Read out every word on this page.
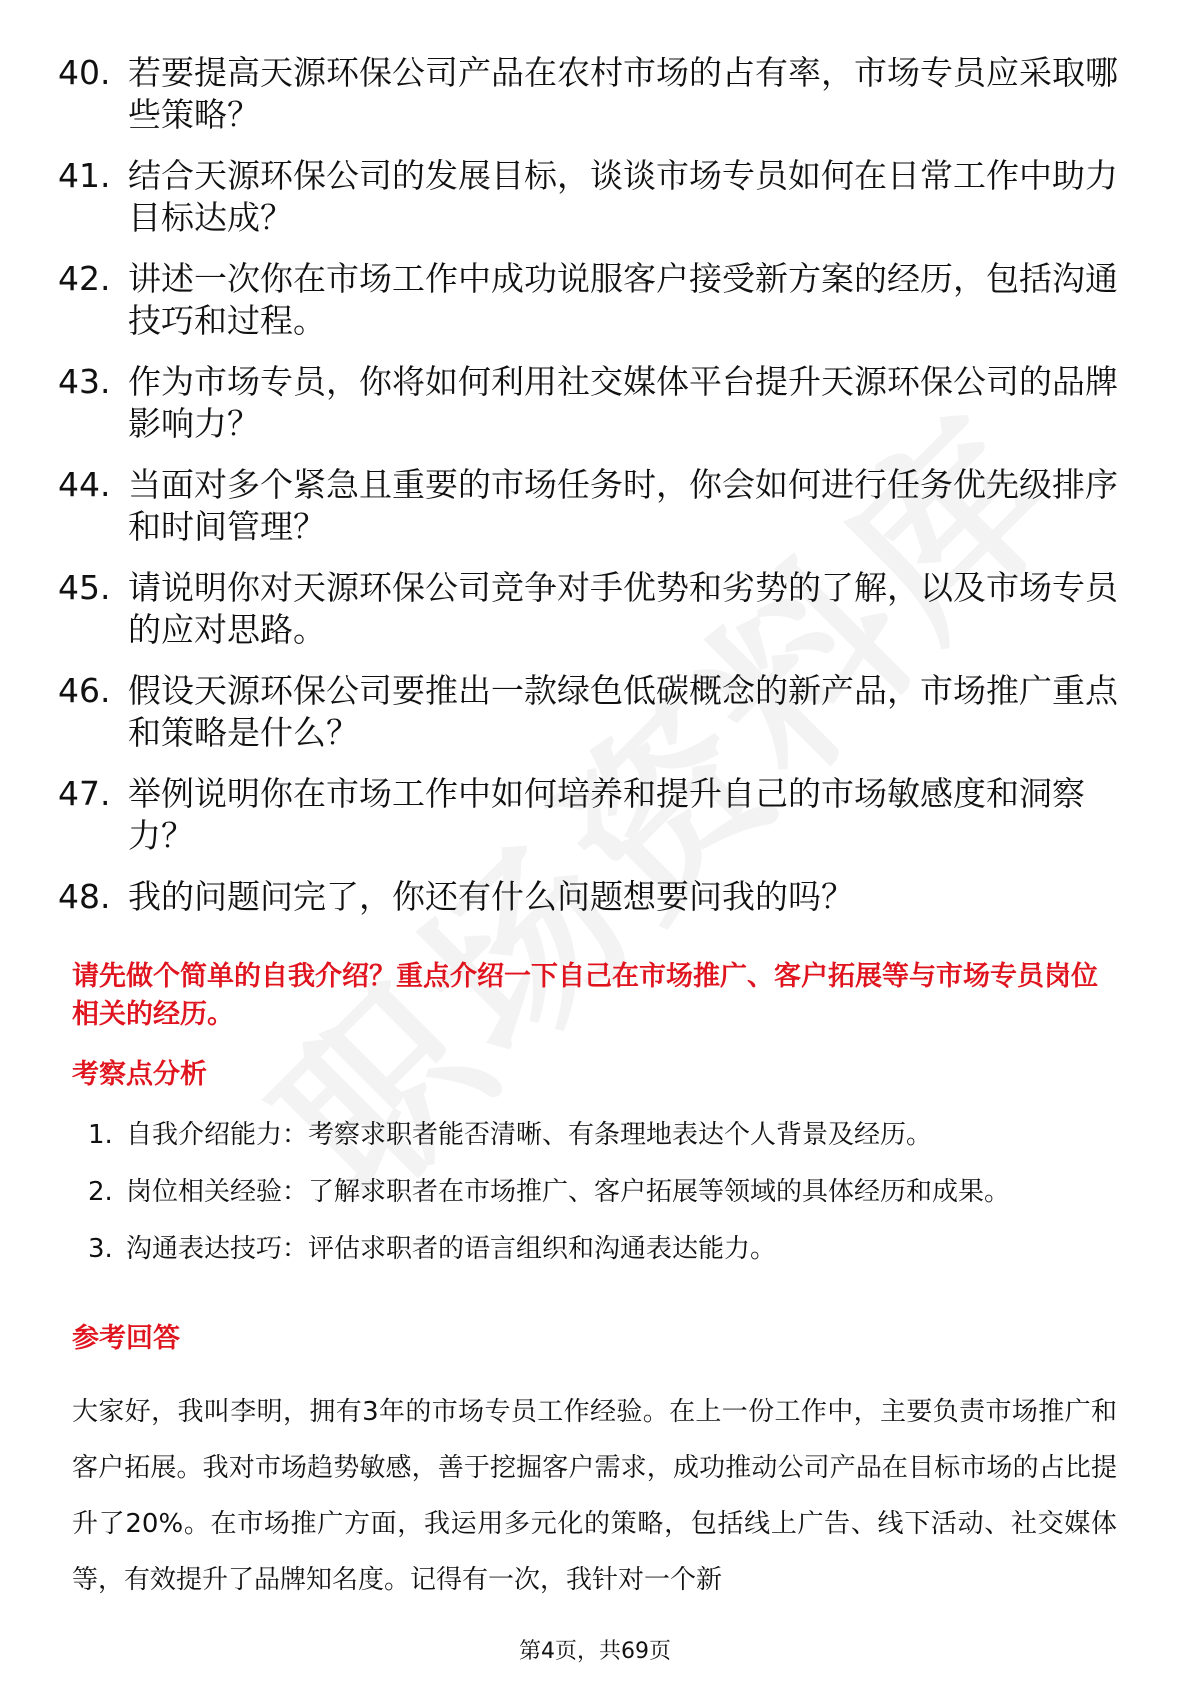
40. 若要提高天源环保公司产品在农村市场的占有率，市场专员应采取哪些策略？
41. 结合天源环保公司的发展目标，谈谈市场专员如何在日常工作中助力目标达成？
42. 讲述一次你在市场工作中成功说服客户接受新方案的经历，包括沟通技巧和过程。
43. 作为市场专员，你将如何利用社交媒体平台提升天源环保公司的品牌影响力？
44. 当面对多个紧急且重要的市场任务时，你会如何进行任务优先级排序和时间管理？
45. 请说明你对天源环保公司竞争对手优势和劣势的了解，以及市场专员的应对思路。
46. 假设天源环保公司要推出一款绿色低碳概念的新产品，市场推广重点和策略是什么？
47. 举例说明你在市场工作中如何培养和提升自己的市场敏感度和洞察力？
48. 我的问题问完了，你还有什么问题想要问我的吗？

请先做个简单的自我介绍？重点介绍一下自己在市场推广、客户拓展等与市场专员岗位相关的经历。

考察点分析
1. 自我介绍能力：考察求职者能否清晰、有条理地表达个人背景及经历。
2. 岗位相关经验：了解求职者在市场推广、客户拓展等领域的具体经历和成果。
3. 沟通表达技巧：评估求职者的语言组织和沟通表达能力。
参考回答

大家好，我叫李明，拥有3年的市场专员工作经验。在上一份工作中，主要负责市场推广和客户拓展。我对市场趋势敏感，善于挖掘客户需求，成功推动公司产品在目标市场的占比提升了20%。在市场推广方面，我运用多元化的策略，包括线上广告、线下活动、社交媒体等，有效提升了品牌知名度。记得有一次，我针对一个新

第4页，共69页
